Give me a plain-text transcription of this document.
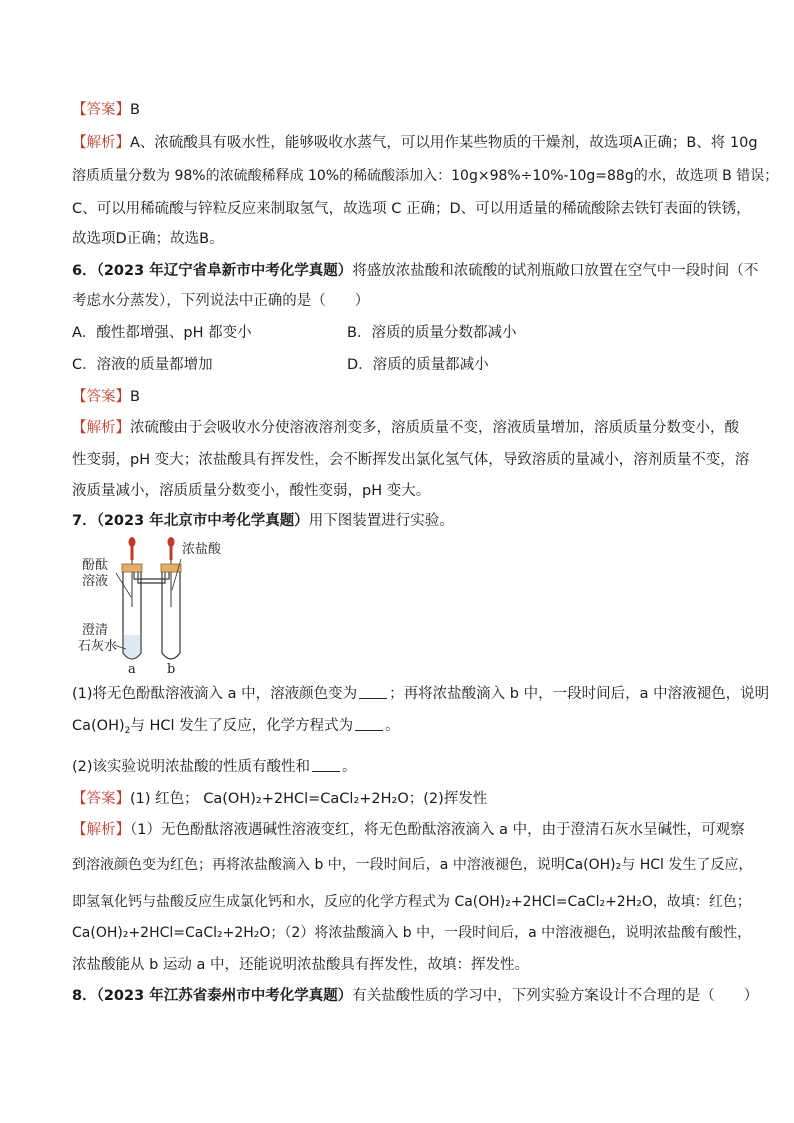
【答案】B
【解析】A、浓硫酸具有吸水性，能够吸收水蒸气，可以用作某些物质的干燥剂，故选项A正确；B、将 10g
溶质质量分数为 98%的浓硫酸稀释成 10%的稀硫酸添加入：10g×98%÷10%-10g=88g的水，故选项 B 错误；
C、可以用稀硫酸与锌粒反应来制取氢气，故选项 C 正确；D、可以用适量的稀硫酸除去铁钉表面的铁锈，
故选项D正确；故选B。
6．（2023 年辽宁省阜新市中考化学真题）将盛放浓盐酸和浓硫酸的试剂瓶敞口放置在空气中一段时间（不
考虑水分蒸发），下列说法中正确的是（　　）
A．酸性都增强、pH 都变小	B．溶质的质量分数都减小
C．溶液的质量都增加	D．溶质的质量都减小
【答案】B
【解析】浓硫酸由于会吸收水分使溶液溶剂变多，溶质质量不变，溶液质量增加，溶质质量分数变小，酸
性变弱，pH 变大；浓盐酸具有挥发性，会不断挥发出氯化氢气体，导致溶质的量减小，溶剂质量不变，溶
液质量减小，溶质质量分数变小，酸性变弱，pH 变大。
7．（2023 年北京市中考化学真题）用下图装置进行实验。
酚酞
溶液
浓盐酸
澄清
石灰水
a b
(1)将无色酚酞溶液滴入 a 中，溶液颜色变为 ；再将浓盐酸滴入 b 中，一段时间后，a 中溶液褪色，说明
$Ca(OH)_2$与 HCl 发生了反应，化学方程式为 。
(2)该实验说明浓盐酸的性质有酸性和 。
【答案】(1) 红色； Ca(OH)₂+2HCl=CaCl₂+2H₂O；(2)挥发性
【解析】（1）无色酚酞溶液遇碱性溶液变红，将无色酚酞溶液滴入 a 中，由于澄清石灰水呈碱性，可观察
到溶液颜色变为红色；再将浓盐酸滴入 b 中，一段时间后，a 中溶液褪色，说明Ca(OH)₂与 HCl 发生了反应，
即氢氧化钙与盐酸反应生成氯化钙和水，反应的化学方程式为 Ca(OH)₂+2HCl=CaCl₂+2H₂O，故填：红色；
Ca(OH)₂+2HCl=CaCl₂+2H₂O；（2）将浓盐酸滴入 b 中，一段时间后，a 中溶液褪色，说明浓盐酸有酸性，
浓盐酸能从 b 运动 a 中，还能说明浓盐酸具有挥发性，故填：挥发性。
8．（2023 年江苏省泰州市中考化学真题）有关盐酸性质的学习中，下列实验方案设计不合理的是（　　）
